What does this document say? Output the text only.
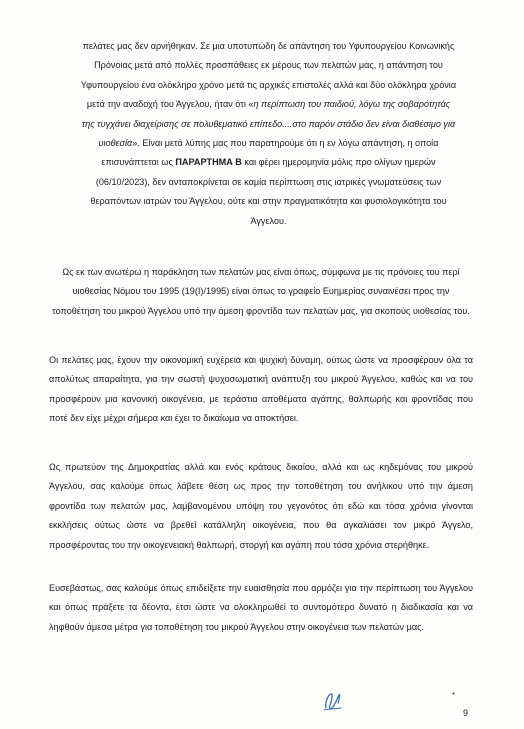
πελάτες μας δεν αρνήθηκαν. Σε μια υποτυπώδη δε απάντηση του Υφυπουργείου Κοινωνικής Πρόνοιας μετά από πολλές προσπάθειες εκ μέρους των πελατών μας, η απάντηση του Υφυπουργείου ένα ολόκληρο χρόνο μετά τις αρχικές επιστολές αλλά και δύο ολόκληρα χρόνια μετά την αναδοχή του Άγγελου, ήταν ότι «η περίπτωση του παιδιού, λόγω της σοβαρότητάς της τυγχάνει διαχείρισης σε πολυθεματικό επίπεδο....στο παρόν στάδιο δεν είναι διαθέσιμο για υιοθεσία». Είναι μετά λύπης μας που παρατηρούμε ότι η εν λόγω απάντηση, η οποία επισυνάπτεται ως ΠΑΡΑΡΤΗΜΑ Β και φέρει ημερομηνία μόλις προ ολίγων ημερών (06/10/2023), δεν ανταποκρίνεται σε καμία περίπτωση στις ιατρικές γνωματεύσεις των θεραπόντων ιατρών του Άγγελου, ούτε και στην πραγματικότητα και φυσιολογικότητα του Άγγελου.

Ως εκ των ανωτέρω η παράκληση των πελατών μας είναι όπως, σύμφωνα με τις πρόνοιες του περί υιοθεσίας Νόμου του 1995 (19(Ι)/1995) είναι όπως το γραφείο Ευημερίας συναινέσει προς την τοποθέτηση του μικρού Άγγελου υπό την άμεση φροντίδα των πελατών μας, για σκοπούς υιοθεσίας του.

Οι πελάτες μας, έχουν την οικονομική ευχέρεια και ψυχική δύναμη, ούτως ώστε να προσφέρουν όλα τα απολύτως απαραίτητα, για την σωστή ψυχοσωματική ανάπτυξη του μικρού Άγγελου, καθώς και να του προσφέρουν μια κανονική οικογένεια, με τεράστια αποθέματα αγάπης, θαλπωρής και φροντίδας που ποτέ δεν είχε μέχρι σήμερα και έχει το δικαίωμα να αποκτήσει.

Ως πρωτεύον της Δημοκρατίας αλλά και ενός κράτους δικαίου, αλλά και ως κηδεμόνας του μικρού Άγγελου, σας καλούμε όπως λάβετε θέση ως προς την τοποθέτηση του ανήλικου υπό την άμεση φροντίδα των πελατών μας, λαμβανομένου υπόψη του γεγονότος ότι εδώ και τόσα χρόνια γίνονται εκκλήσεις ούτως ώστε να βρεθεί κατάλληλη οικογένεια, που θα αγκαλιάσει τον μικρό Άγγελο, προσφέροντας του την οικογενειακή θαλπωρή, στοργή και αγάπη που τόσα χρόνια στερήθηκε.

Ευσεβάστως, σας καλούμε όπως επιδείξετε την ευαισθησία που αρμόζει για την περίπτωση του Άγγελου και όπως πράξετε τα δέοντα, έτσι ώστε να ολοκληρωθεί το συντομότερο δυνατό η διαδικασία και να ληφθούν άμεσα μέτρα για τοποθέτηση του μικρού Άγγελου στην οικογένεια των πελατών μας.

9
